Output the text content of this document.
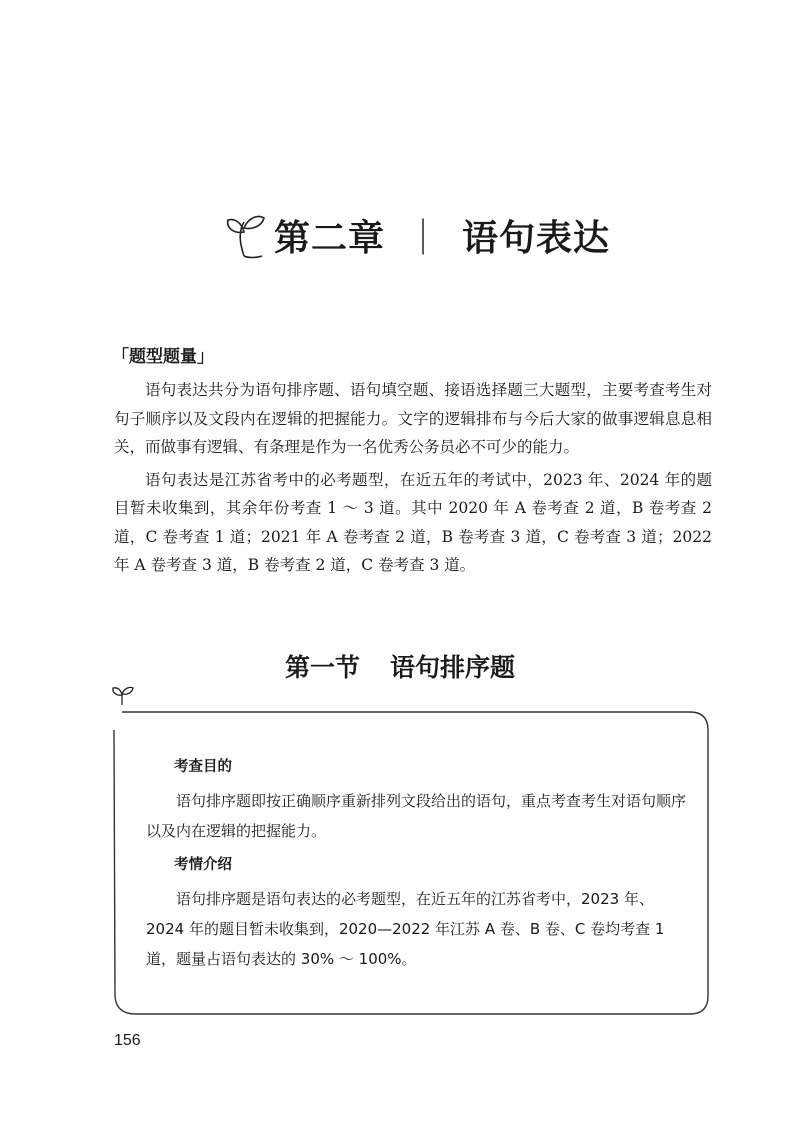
第二章 ｜ 语句表达
「题型题量」

语句表达共分为语句排序题、语句填空题、接语选择题三大题型，主要考查考生对句子顺序以及文段内在逻辑的把握能力。文字的逻辑排布与今后大家的做事逻辑息息相关，而做事有逻辑、有条理是作为一名优秀公务员必不可少的能力。

语句表达是江苏省考中的必考题型，在近五年的考试中，2023 年、2024 年的题目暂未收集到，其余年份考查 1 ～ 3 道。其中 2020 年 A 卷考查 2 道，B 卷考查 2 道，C 卷考查 1 道；2021 年 A 卷考查 2 道，B 卷考查 3 道，C 卷考查 3 道；2022 年 A 卷考查 3 道，B 卷考查 2 道，C 卷考查 3 道。

第一节 语句排序题
考查目的

语句排序题即按正确顺序重新排列文段给出的语句，重点考查考生对语句顺序以及内在逻辑的把握能力。

考情介绍

语句排序题是语句表达的必考题型，在近五年的江苏省考中，2023 年、2024 年的题目暂未收集到，2020—2022 年江苏 A 卷、B 卷、C 卷均考查 1 道，题量占语句表达的 30% ～ 100%。

156
